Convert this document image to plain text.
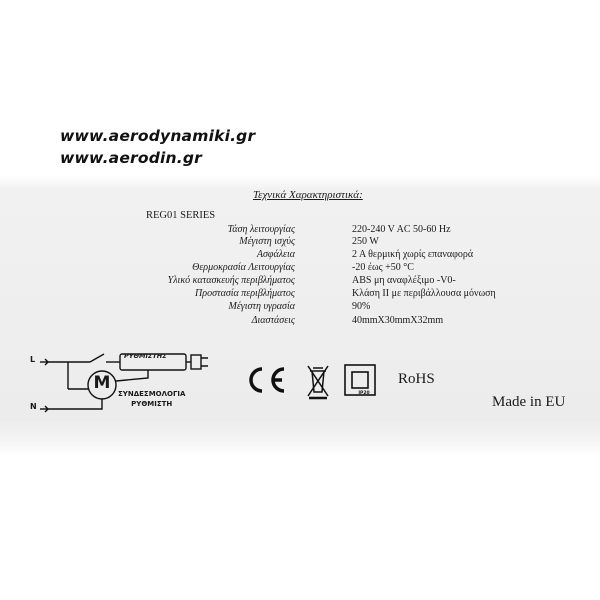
www.aerodynamiki.gr
www.aerodin.gr
Τεχνικά Χαρακτηριστικά:
REG01 SERIES
Τάση λειτουργίας	220-240 V AC 50-60 Hz
Μέγιστη ισχύς	250 W
Ασφάλεια	2 A θερμική χωρίς επαναφορά
Θερμοκρασία Λειτουργίας	-20 έως +50 °C
Υλικό κατασκευής περιβλήματος	ABS μη αναφλέξιμο -V0-
Προστασία περιβλήματος	Κλάση II με περιβάλλουσα μόνωση
Μέγιστη υγρασία	90%
Διαστάσεις	40mmX30mmX32mm
ΡΥΘΜΙΣΤΗΣ
L
N
M
ΣΥΝΔΕΣΜΟΛΟΓΙΑ
ΡΥΘΜΙΣΤΗ
IP20
RoHS
Made in EU
